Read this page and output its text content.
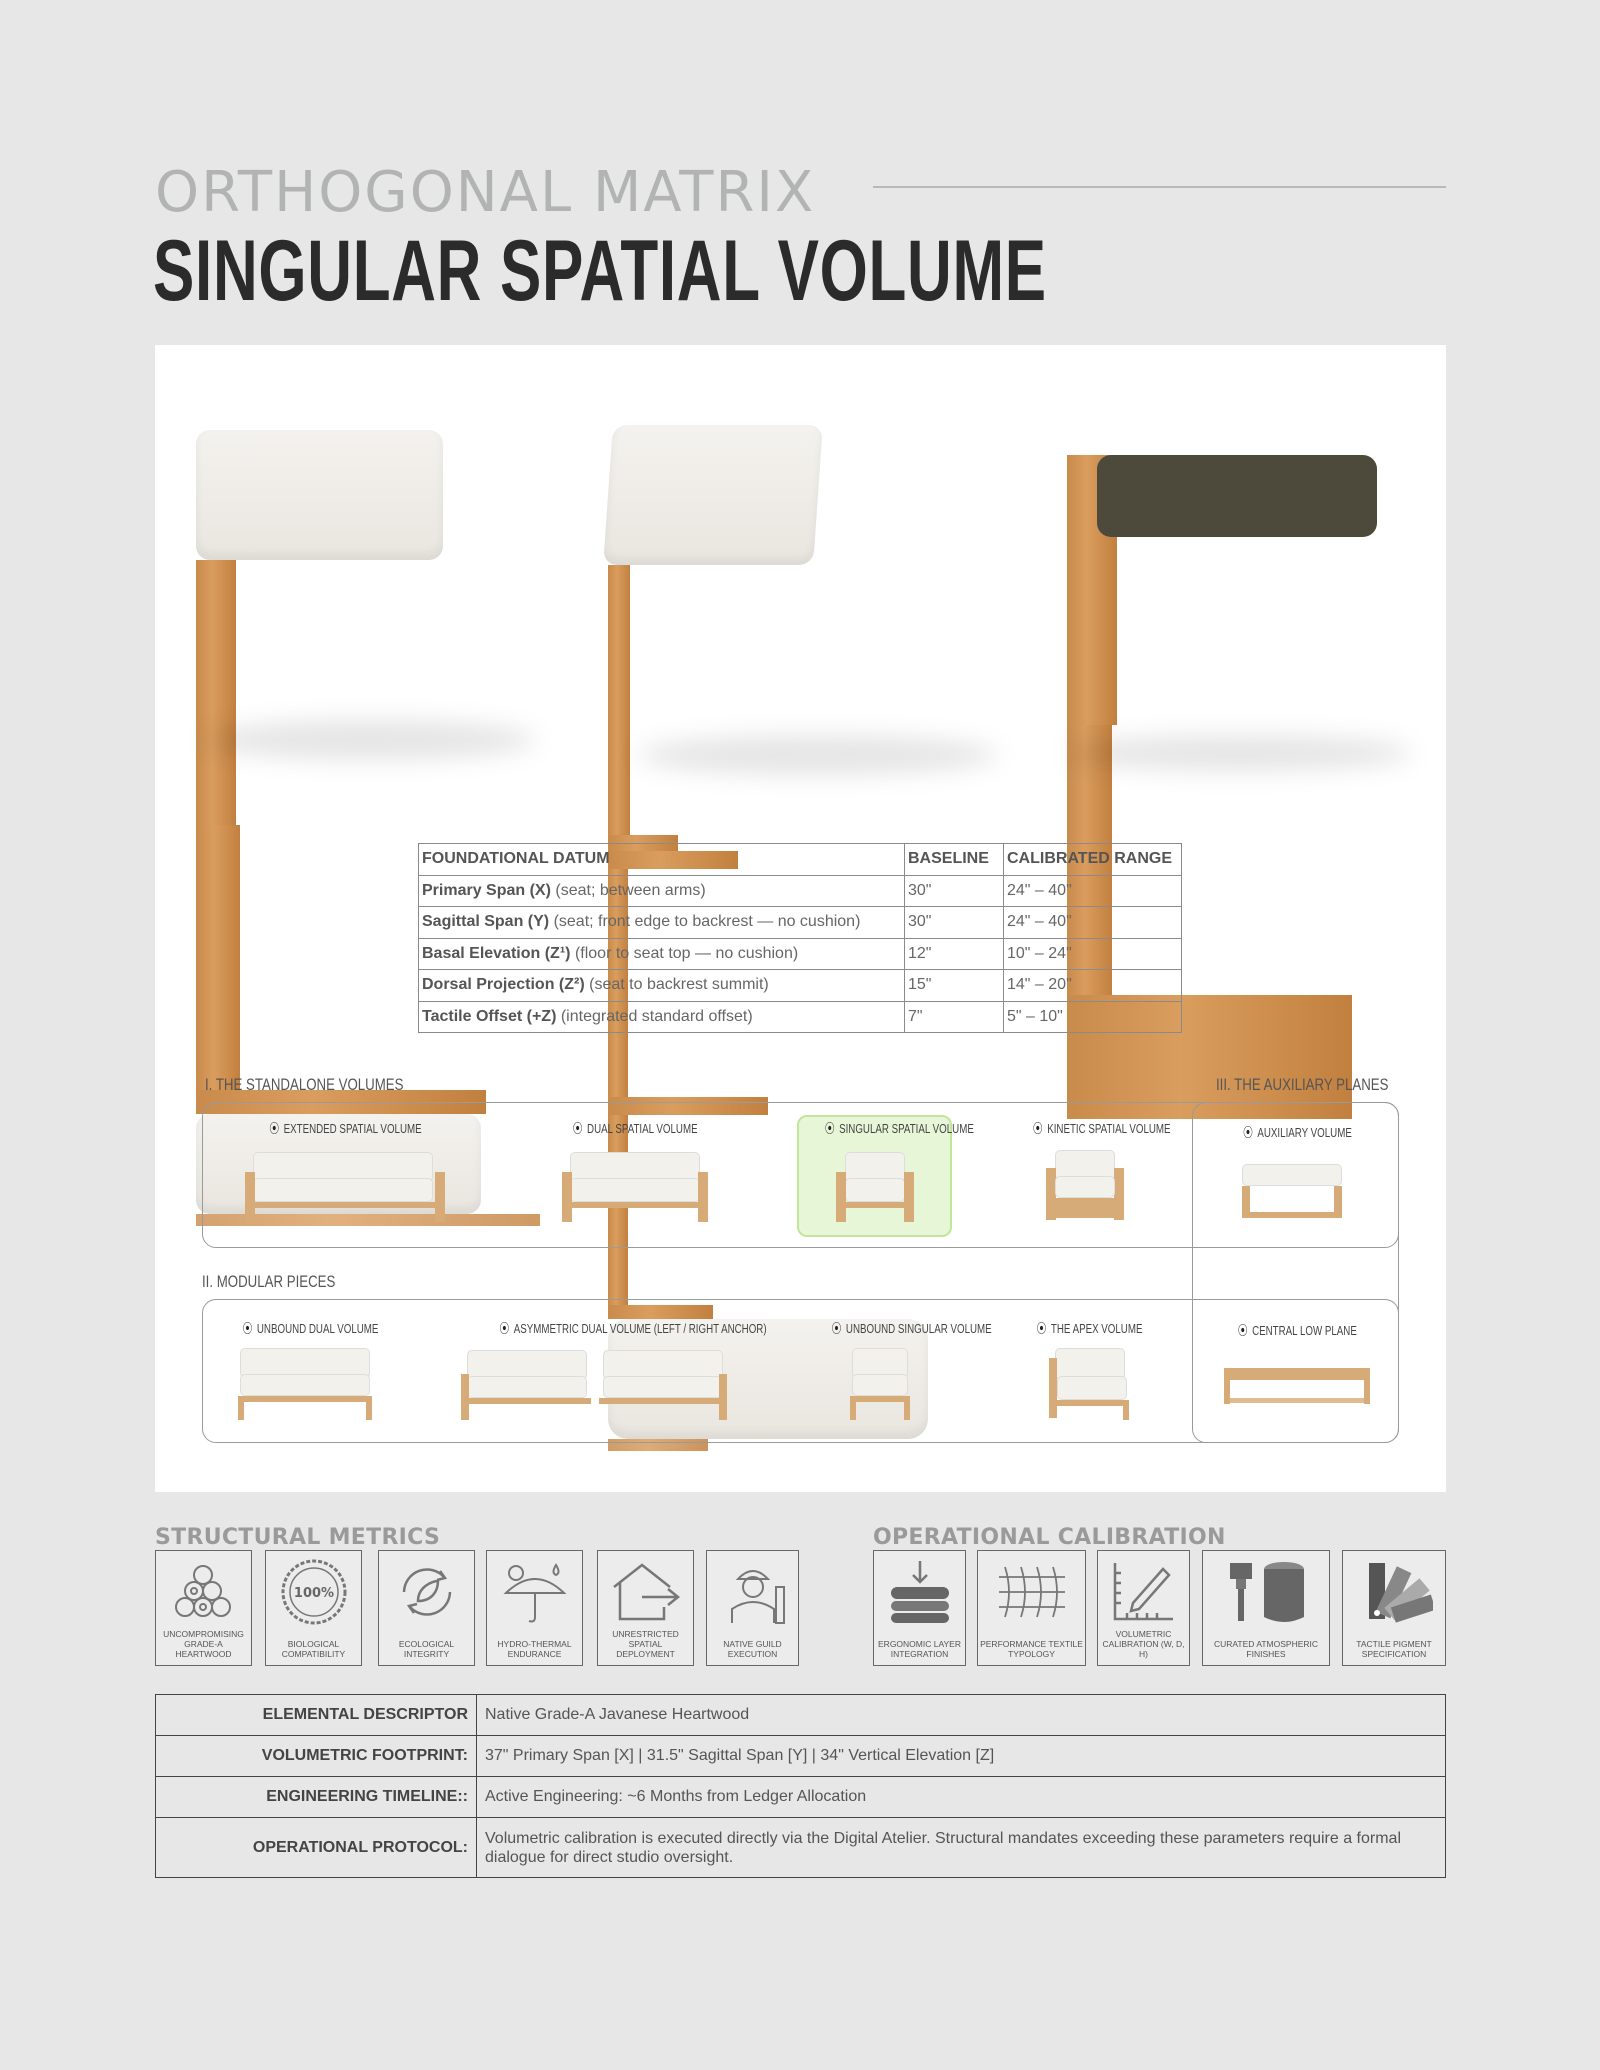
ORTHOGONAL MATRIX
SINGULAR SPATIAL VOLUME
FOUNDATIONAL DATUM	BASELINE	CALIBRATED RANGE
Primary Span (X) (seat; between arms)	30"	24" – 40"
Sagittal Span (Y) (seat; front edge to backrest — no cushion)	30"	24" – 40"
Basal Elevation (Z¹) (floor to seat top — no cushion)	12"	10" – 24"
Dorsal Projection (Z²) (seat to backrest summit)	15"	14" – 20"
Tactile Offset (+Z) (integrated standard offset)	7"	5" – 10"
I. THE STANDALONE VOLUMES	III. THE AUXILIARY PLANES
II. MODULAR PIECES
⦿ EXTENDED SPATIAL VOLUME	⦿ DUAL SPATIAL VOLUME	⦿ SINGULAR SPATIAL VOLUME	⦿ KINETIC SPATIAL VOLUME
⦿ UNBOUND DUAL VOLUME	⦿ ASYMMETRIC DUAL VOLUME (LEFT / RIGHT ANCHOR)	⦿ UNBOUND SINGULAR VOLUME	⦿ THE APEX VOLUME
⦿ AUXILIARY VOLUME
⦿ CENTRAL LOW PLANE
STRUCTURAL METRICS	OPERATIONAL CALIBRATION
UNCOMPROMISING GRADE-A HEARTWOOD
100%
BIOLOGICAL COMPATIBILITY
ECOLOGICAL INTEGRITY
HYDRO-THERMAL ENDURANCE
UNRESTRICTED SPATIAL DEPLOYMENT
NATIVE GUILD EXECUTION
ERGONOMIC LAYER INTEGRATION
PERFORMANCE TEXTILE TYPOLOGY
VOLUMETRIC CALIBRATION (W, D, H)
CURATED ATMOSPHERIC FINISHES
TACTILE PIGMENT SPECIFICATION
ELEMENTAL DESCRIPTOR	Native Grade-A Javanese Heartwood
VOLUMETRIC FOOTPRINT:	37" Primary Span [X] | 31.5" Sagittal Span [Y] | 34" Vertical Elevation [Z]
ENGINEERING TIMELINE::	Active Engineering: ~6 Months from Ledger Allocation
OPERATIONAL PROTOCOL:	Volumetric calibration is executed directly via the Digital Atelier. Structural mandates exceeding these parameters require a formal dialogue for direct studio oversight.
